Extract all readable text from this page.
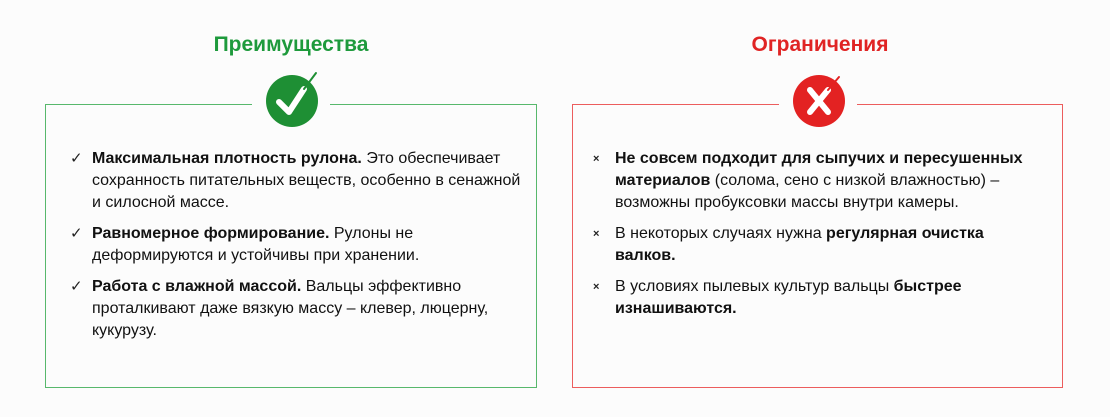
Преимущества	Ограничения
✓ Максимальная плотность рулона. Это обеспечивает сохранность питательных веществ, особенно в сенажной и силосной массе.
✓ Равномерное формирование. Рулоны не деформируются и устойчивы при хранении.
✓ Работа с влажной массой. Вальцы эффективно проталкивают даже вязкую массу – клевер, люцерну, кукурузу.
× Не совсем подходит для сыпучих и пересушенных материалов (солома, сено с низкой влажностью) – возможны пробуксовки массы внутри камеры.
× В некоторых случаях нужна регулярная очистка валков.
× В условиях пылевых культур вальцы быстрее изнашиваются.
